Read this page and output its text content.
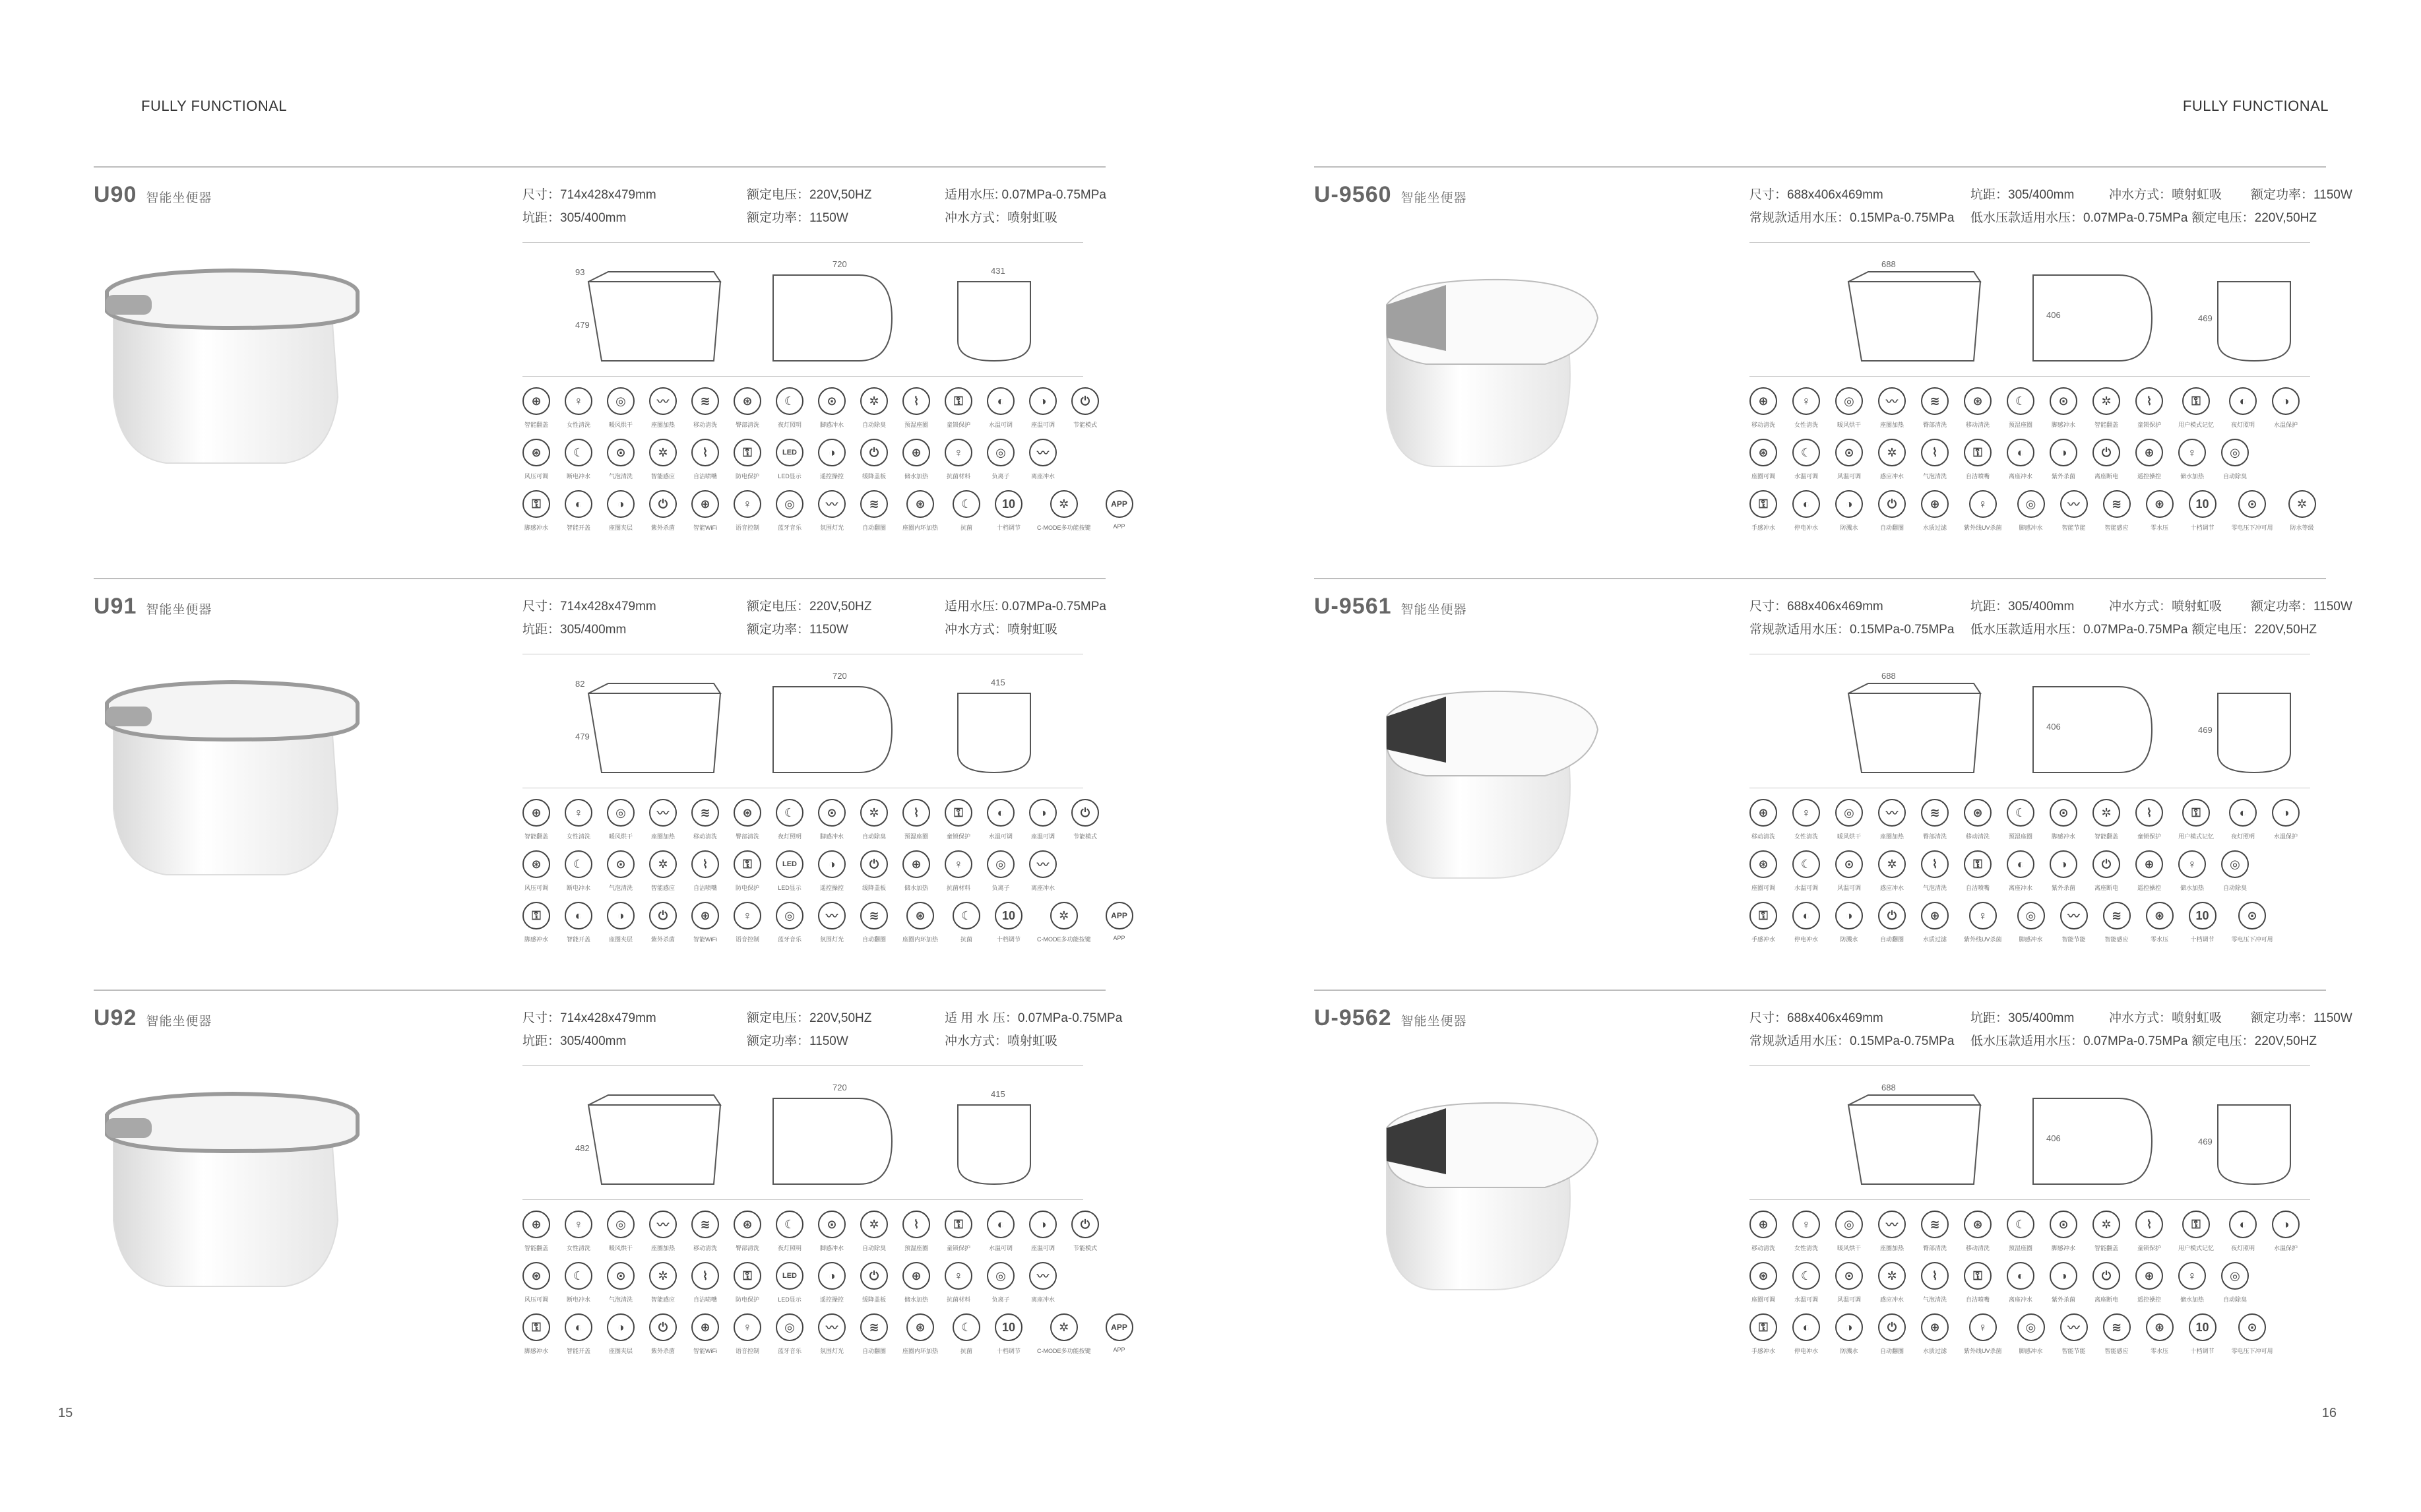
FULLY FUNCTIONAL	FULLY FUNCTIONAL
15	16
U90 智能坐便器	尺寸：714x428x479mm	额定电压：220V,50HZ	适用水压: 0.07MPa-0.75MPa
坑距：305/400mm	额定功率：1150W	冲水方式：喷射虹吸
479
720
431
93
⊕
智能翻盖
♀
女性清洗
◎
暖风烘干
〰
座圈加热
≋
移动清洗
⊛
臀部清洗
☾
夜灯照明
⊙
脚感冲水
✲
自动除臭
⌇
预湿座圈
⚿
童锁保护
◐
水温可调
◑
座温可调
⏻
节能模式
⊛
风压可调
☾
断电冲水
⊙
气泡清洗
✲
智能感应
⌇
自洁喷嘴
⚿
防电保护
LED
LED显示
◑
遥控操控
⏻
缓降盖板
⊕
储水加热
♀
抗菌材料
◎
负离子
〰
离座冲水
⚿
脚感冲水
◐
智能开盖
◑
座圈夹层
⏻
紫外杀菌
⊕
智能WiFi
♀
语音控制
◎
蓝牙音乐
〰
氛围灯光
≋
自动翻圈
⊛
座圈内环加热
☾
抗菌
10
十档调节
✲
C-MODE多功能按键
APP
APP
U91 智能坐便器	尺寸：714x428x479mm	额定电压：220V,50HZ	适用水压: 0.07MPa-0.75MPa
坑距：305/400mm	额定功率：1150W	冲水方式：喷射虹吸
479
720
415
82
⊕
智能翻盖
♀
女性清洗
◎
暖风烘干
〰
座圈加热
≋
移动清洗
⊛
臀部清洗
☾
夜灯照明
⊙
脚感冲水
✲
自动除臭
⌇
预湿座圈
⚿
童锁保护
◐
水温可调
◑
座温可调
⏻
节能模式
⊛
风压可调
☾
断电冲水
⊙
气泡清洗
✲
智能感应
⌇
自洁喷嘴
⚿
防电保护
LED
LED显示
◑
遥控操控
⏻
缓降盖板
⊕
储水加热
♀
抗菌材料
◎
负离子
〰
离座冲水
⚿
脚感冲水
◐
智能开盖
◑
座圈夹层
⏻
紫外杀菌
⊕
智能WiFi
♀
语音控制
◎
蓝牙音乐
〰
氛围灯光
≋
自动翻圈
⊛
座圈内环加热
☾
抗菌
10
十档调节
✲
C-MODE多功能按键
APP
APP
U92 智能坐便器	尺寸：714x428x479mm	额定电压：220V,50HZ	适 用 水 压：0.07MPa-0.75MPa
坑距：305/400mm	额定功率：1150W	冲水方式：喷射虹吸
482
720
415
⊕
智能翻盖
♀
女性清洗
◎
暖风烘干
〰
座圈加热
≋
移动清洗
⊛
臀部清洗
☾
夜灯照明
⊙
脚感冲水
✲
自动除臭
⌇
预湿座圈
⚿
童锁保护
◐
水温可调
◑
座温可调
⏻
节能模式
⊛
风压可调
☾
断电冲水
⊙
气泡清洗
✲
智能感应
⌇
自洁喷嘴
⚿
防电保护
LED
LED显示
◑
遥控操控
⏻
缓降盖板
⊕
储水加热
♀
抗菌材料
◎
负离子
〰
离座冲水
⚿
脚感冲水
◐
智能开盖
◑
座圈夹层
⏻
紫外杀菌
⊕
智能WiFi
♀
语音控制
◎
蓝牙音乐
〰
氛围灯光
≋
自动翻圈
⊛
座圈内环加热
☾
抗菌
10
十档调节
✲
C-MODE多功能按键
APP
APP
U-9560 智能坐便器	尺寸：688x406x469mm	坑距：305/400mm	冲水方式：喷射虹吸 额定功率：1150W
常规款适用水压：0.15MPa-0.75MPa 低水压款适用水压：0.07MPa-0.75MPa 额定电压：220V,50HZ
688
406	469
⊕
移动清洗
♀
女性清洗
◎
暖风烘干
〰
座圈加热
≋
臀部清洗
⊛
移动清洗
☾
预湿座圈
⊙
脚感冲水
✲
智能翻盖
⌇
童锁保护
⚿
用户模式记忆
◐
夜灯照明
◑
水温保护
⊛
座圈可调
☾
水温可调
⊙
风温可调
✲
感应冲水
⌇
气泡清洗
⚿
自洁喷嘴
◐
离座冲水
◑
紫外杀菌
⏻
离座断电
⊕
遥控操控
♀
储水加热
◎
自动除臭
⚿
手感冲水
◐
停电冲水
◑
防溅水
⏻
自动翻圈
⊕
水质过滤
♀
紫外线UV杀菌
◎
脚感冲水
〰
智能节能
≋
智能感应
⊛
零水压
10
十档调节
⊙
零电压下冲可用
✲
防水等级
U-9561 智能坐便器	尺寸：688x406x469mm	坑距：305/400mm	冲水方式：喷射虹吸 额定功率：1150W
常规款适用水压：0.15MPa-0.75MPa 低水压款适用水压：0.07MPa-0.75MPa 额定电压：220V,50HZ
688
406	469
⊕
移动清洗
♀
女性清洗
◎
暖风烘干
〰
座圈加热
≋
臀部清洗
⊛
移动清洗
☾
预湿座圈
⊙
脚感冲水
✲
智能翻盖
⌇
童锁保护
⚿
用户模式记忆
◐
夜灯照明
◑
水温保护
⊛
座圈可调
☾
水温可调
⊙
风温可调
✲
感应冲水
⌇
气泡清洗
⚿
自洁喷嘴
◐
离座冲水
◑
紫外杀菌
⏻
离座断电
⊕
遥控操控
♀
储水加热
◎
自动除臭
⚿
手感冲水
◐
停电冲水
◑
防溅水
⏻
自动翻圈
⊕
水质过滤
♀
紫外线UV杀菌
◎
脚感冲水
〰
智能节能
≋
智能感应
⊛
零水压
10
十档调节
⊙
零电压下冲可用
U-9562 智能坐便器	尺寸：688x406x469mm	坑距：305/400mm	冲水方式：喷射虹吸 额定功率：1150W
常规款适用水压：0.15MPa-0.75MPa 低水压款适用水压：0.07MPa-0.75MPa 额定电压：220V,50HZ
688
406	469
⊕
移动清洗
♀
女性清洗
◎
暖风烘干
〰
座圈加热
≋
臀部清洗
⊛
移动清洗
☾
预湿座圈
⊙
脚感冲水
✲
智能翻盖
⌇
童锁保护
⚿
用户模式记忆
◐
夜灯照明
◑
水温保护
⊛
座圈可调
☾
水温可调
⊙
风温可调
✲
感应冲水
⌇
气泡清洗
⚿
自洁喷嘴
◐
离座冲水
◑
紫外杀菌
⏻
离座断电
⊕
遥控操控
♀
储水加热
◎
自动除臭
⚿
手感冲水
◐
停电冲水
◑
防溅水
⏻
自动翻圈
⊕
水质过滤
♀
紫外线UV杀菌
◎
脚感冲水
〰
智能节能
≋
智能感应
⊛
零水压
10
十档调节
⊙
零电压下冲可用
